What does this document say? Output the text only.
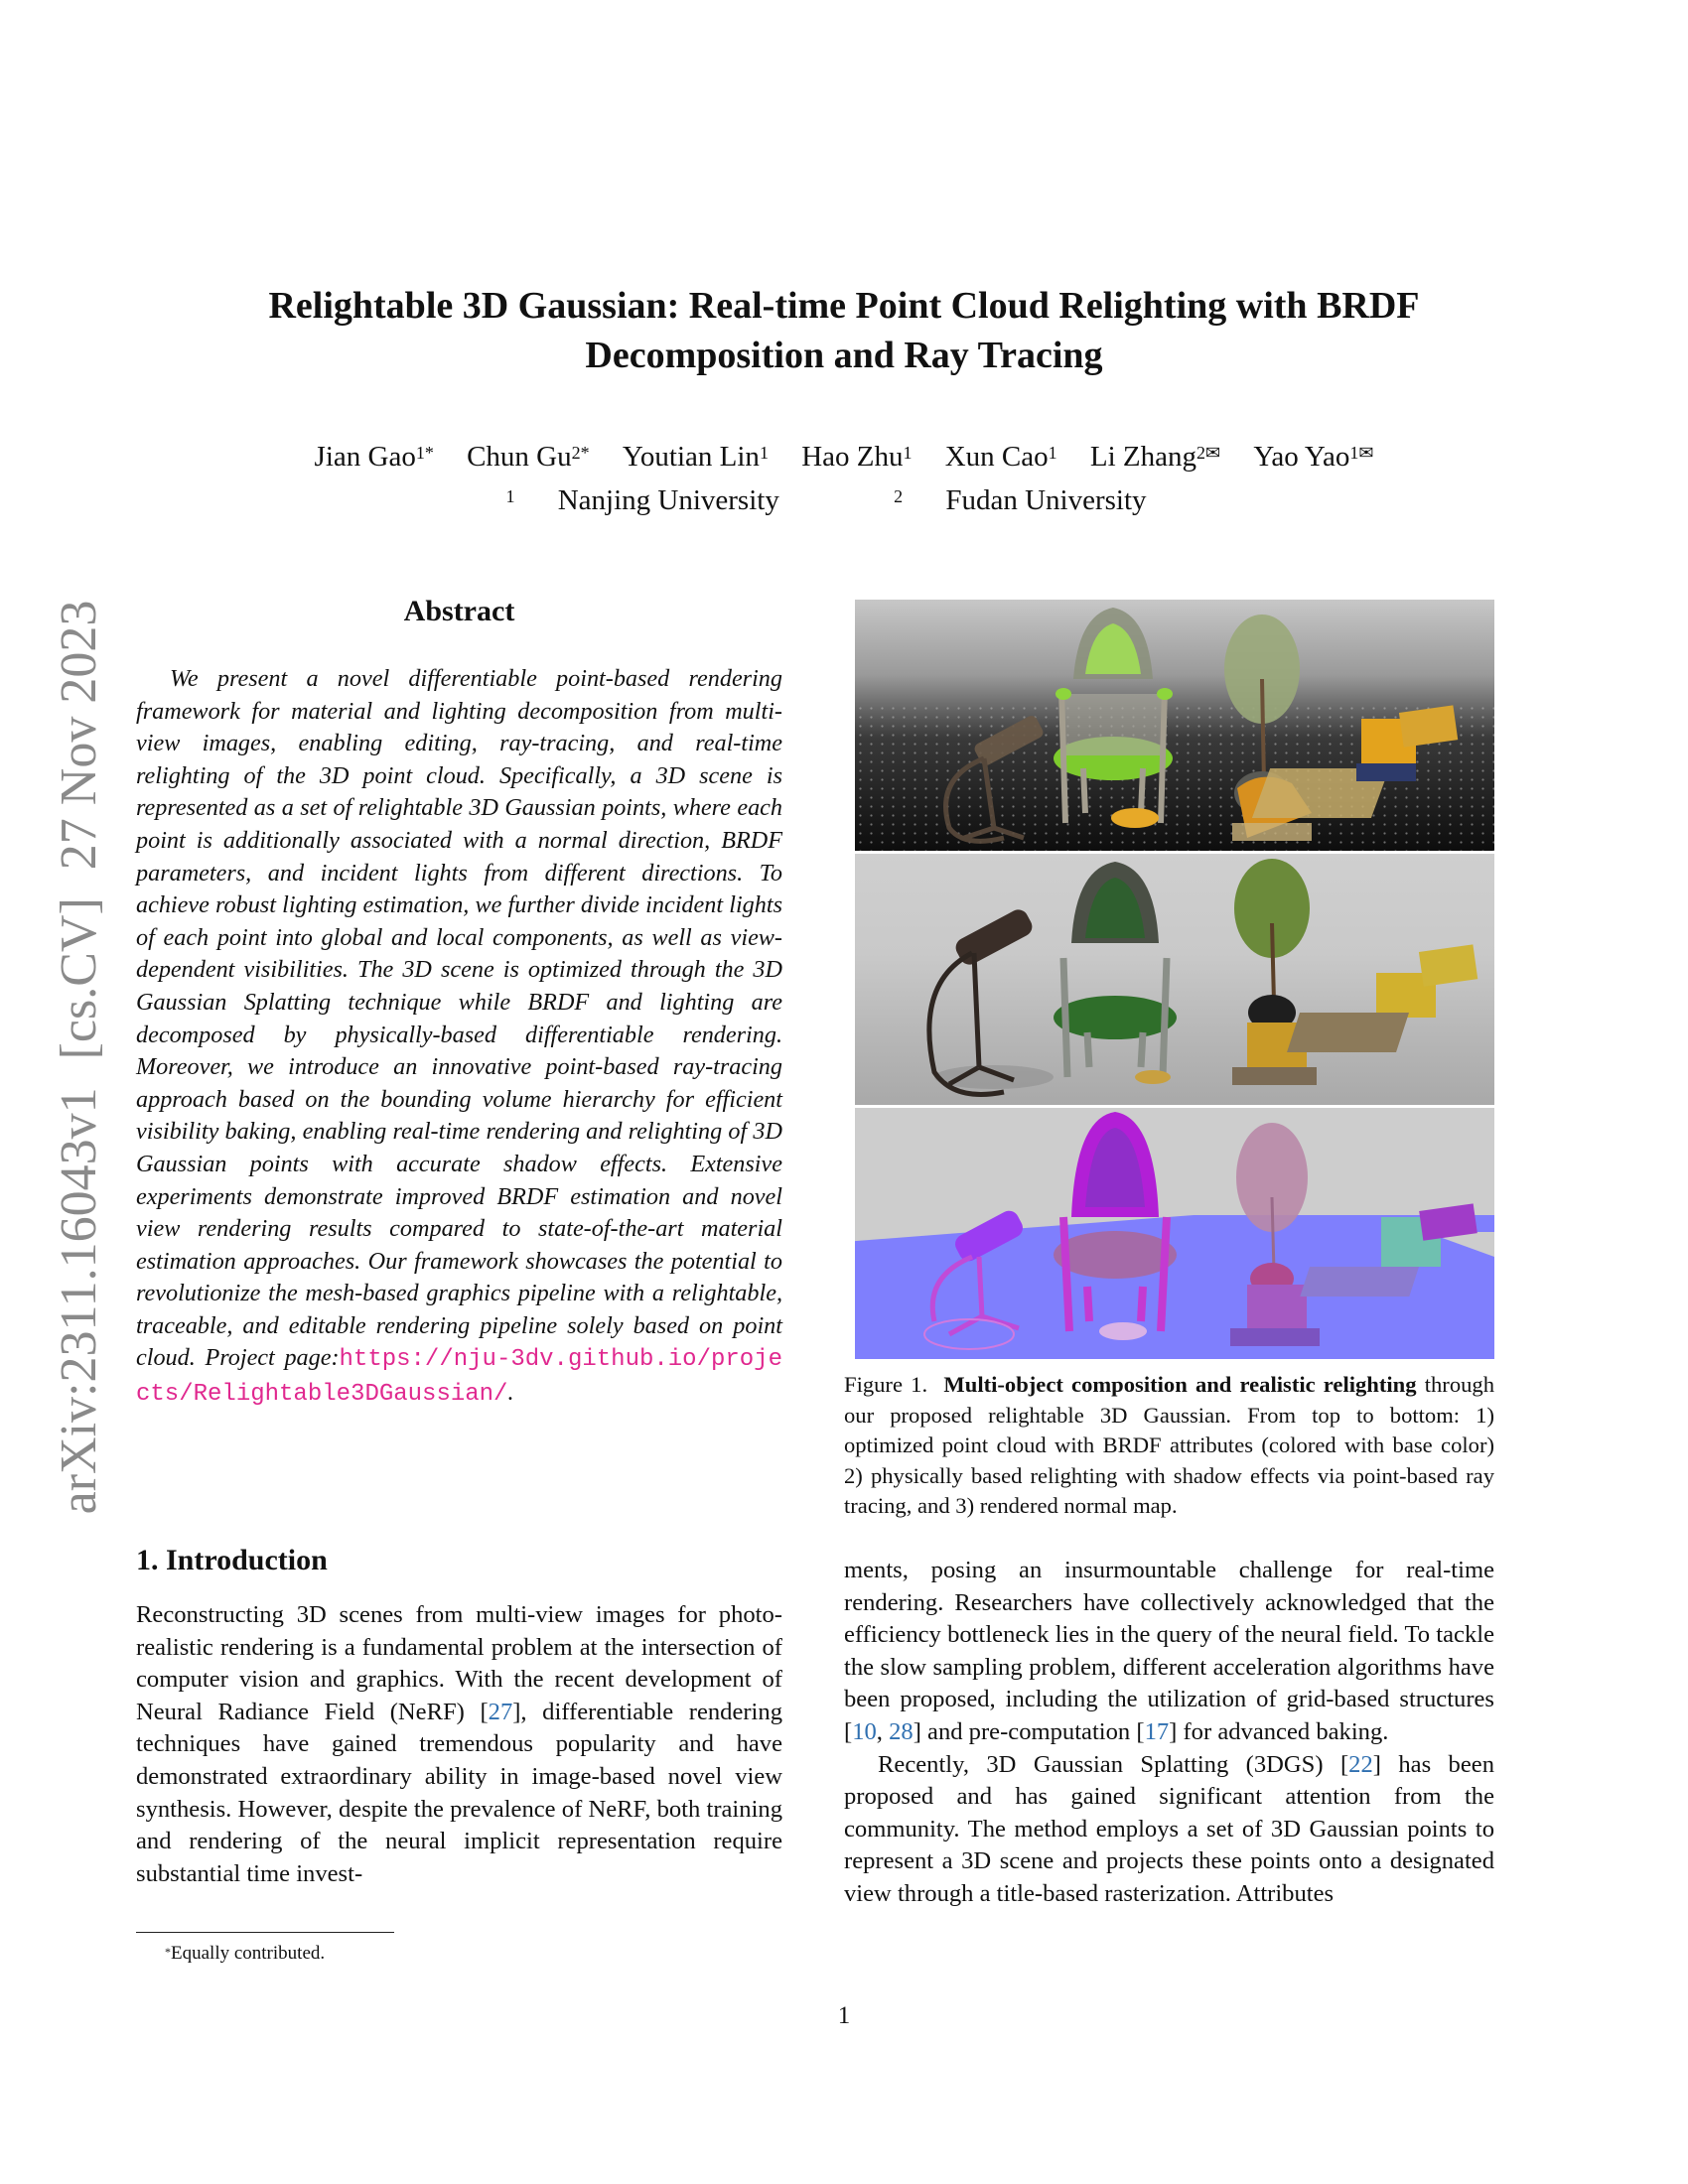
arXiv:2311.16043v1[cs.CV]27 Nov 2023
Relightable 3D Gaussian: Real-time Point Cloud Relighting with BRDF
Decomposition and Ray Tracing
Jian Gao$^{1*}$ Chun $Gu^{2*}$ Youtian Lin$^1$ Hao Zhu$^1$ Xun Cao$^1$ Li Zhang$^{2✉}$ Yao Yao$^{1✉}$
$^1$ Nanjing University	$^2$ Fudan University
Abstract

We present a novel differentiable point-based rendering framework for material and lighting decomposition from multi-view images, enabling editing, ray-tracing, and real-time relighting of the 3D point cloud. Specifically, a 3D scene is represented as a set of relightable 3D Gaussian points, where each point is additionally associated with a normal direction, BRDF parameters, and incident lights from different directions. To achieve robust lighting estimation, we further divide incident lights of each point into global and local components, as well as view-dependent visibilities. The 3D scene is optimized through the 3D Gaussian Splatting technique while BRDF and lighting are decomposed by physically-based differentiable rendering. Moreover, we introduce an innovative point-based ray-tracing approach based on the bounding volume hierarchy for efficient visibility baking, enabling real-time rendering and relighting of 3D Gaussian points with accurate shadow effects. Extensive experiments demonstrate improved BRDF estimation and novel view rendering results compared to state-of-the-art material estimation approaches. Our framework showcases the potential to revolutionize the mesh-based graphics pipeline with a relightable, traceable, and editable rendering pipeline solely based on point cloud. Project page:https://nju-3dv.github.io/projects/Relightable3DGaussian/.

1. Introduction

Reconstructing 3D scenes from multi-view images for photo-realistic rendering is a fundamental problem at the intersection of computer vision and graphics. With the recent development of Neural Radiance Field (NeRF) [27], differentiable rendering techniques have gained tremendous popularity and have demonstrated extraordinary ability in image-based novel view synthesis. However, despite the prevalence of NeRF, both training and rendering of the neural implicit representation require substantial time invest-

*Equally contributed.

Figure 1. Multi-object composition and realistic relighting through our proposed relightable 3D Gaussian. From top to bottom: 1) optimized point cloud with BRDF attributes (colored with base color) 2) physically based relighting with shadow effects via point-based ray tracing, and 3) rendered normal map.

ments, posing an insurmountable challenge for real-time rendering. Researchers have collectively acknowledged that the efficiency bottleneck lies in the query of the neural field. To tackle the slow sampling problem, different acceleration algorithms have been proposed, including the utilization of grid-based structures [10, 28] and pre-computation [17] for advanced baking.

Recently, 3D Gaussian Splatting (3DGS) [22] has been proposed and has gained significant attention from the community. The method employs a set of 3D Gaussian points to represent a 3D scene and projects these points onto a designated view through a title-based rasterization. Attributes

1
